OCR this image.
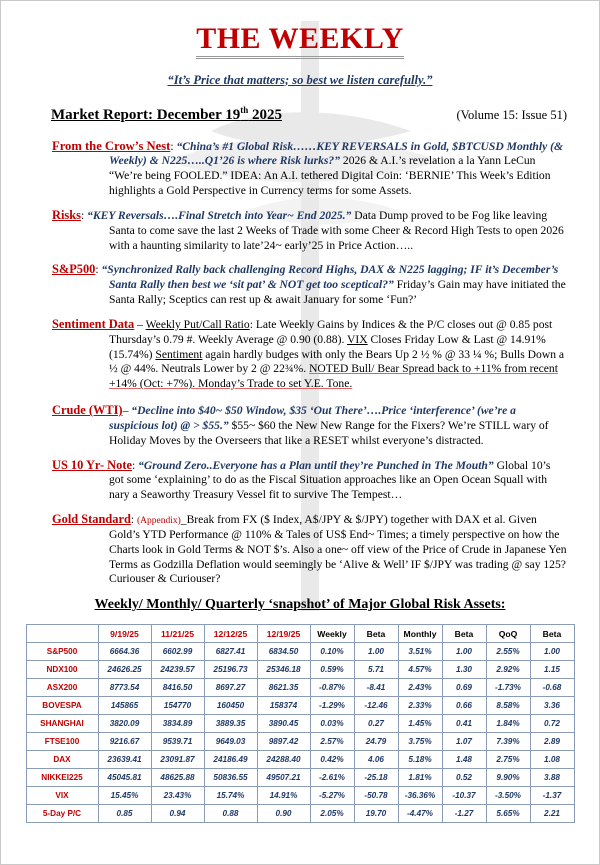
THE WEEKLY
“It’s Price that matters; so best we listen carefully.”
Market Report: December 19th 2025	(Volume 15: Issue 51)
From the Crow’s Nest: “China’s #1 Global Risk……KEY REVERSALS in Gold, $BTCUSD Monthly (& Weekly) & N225…..Q1’26 is where Risk lurks?” 2026 & A.I.’s revelation a la Yann LeCun “We’re being FOOLED.” IDEA: An A.I. tethered Digital Coin: ‘BERNIE’ This Week’s Edition highlights a Gold Perspective in Currency terms for some Assets.
Risks: “KEY Reversals….Final Stretch into Year~ End 2025.” Data Dump proved to be Fog like leaving Santa to come save the last 2 Weeks of Trade with some Cheer & Record High Tests to open 2026 with a haunting similarity to late’24~ early’25 in Price Action…..
S&P500: “Synchronized Rally back challenging Record Highs, DAX & N225 lagging; IF it’s December’s Santa Rally then best we ‘sit pat’ & NOT get too sceptical?” Friday’s Gain may have initiated the Santa Rally; Sceptics can rest up & await January for some ‘Fun?’
Sentiment Data – Weekly Put/Call Ratio: Late Weekly Gains by Indices & the P/C closes out @ 0.85 post Thursday’s 0.79 #. Weekly Average @ 0.90 (0.88). VIX Closes Friday Low & Last @ 14.91% (15.74%) Sentiment again hardly budges with only the Bears Up 2 ½ % @ 33 ¼ %; Bulls Down a ½ @ 44%. Neutrals Lower by 2 @ 22¾%. NOTED Bull/ Bear Spread back to +11% from recent +14% (Oct: +7%). Monday’s Trade to set Y.E. Tone.
Crude (WTI)– “Decline into $40~ $50 Window, $35 ‘Out There’….Price ‘interference’ (we’re a suspicious lot) @ > $55.” $55~ $60 the New New Range for the Fixers? We’re STILL wary of Holiday Moves by the Overseers that like a RESET whilst everyone’s distracted.
US 10 Yr- Note: “Ground Zero..Everyone has a Plan until they’re Punched in The Mouth” Global 10’s got some ‘explaining’ to do as the Fiscal Situation approaches like an Open Ocean Squall with nary a Seaworthy Treasury Vessel fit to survive The Tempest…
Gold Standard: (Appendix)_Break from FX ($ Index, A$/JPY & $/JPY) together with DAX et al. Given Gold’s YTD Performance @ 110% & Tales of US$ End~ Times; a timely perspective on how the Charts look in Gold Terms & NOT $’s. Also a one~ off view of the Price of Crude in Japanese Yen Terms as Godzilla Deflation would seemingly be ‘Alive & Well’ IF $/JPY was trading @ say 125? Curiouser & Curiouser?
Weekly/ Monthly/ Quarterly ‘snapshot’ of Major Global Risk Assets:
	9/19/25	11/21/25	12/12/25	12/19/25	Weekly	Beta	Monthly	Beta	QoQ	Beta
S&P500	6664.36	6602.99	6827.41	6834.50	0.10%	1.00	3.51%	1.00	2.55%	1.00
NDX100	24626.25	24239.57	25196.73	25346.18	0.59%	5.71	4.57%	1.30	2.92%	1.15
ASX200	8773.54	8416.50	8697.27	8621.35	-0.87%	-8.41	2.43%	0.69	-1.73%	-0.68
BOVESPA	145865	154770	160450	158374	-1.29%	-12.46	2.33%	0.66	8.58%	3.36
SHANGHAI	3820.09	3834.89	3889.35	3890.45	0.03%	0.27	1.45%	0.41	1.84%	0.72
FTSE100	9216.67	9539.71	9649.03	9897.42	2.57%	24.79	3.75%	1.07	7.39%	2.89
DAX	23639.41	23091.87	24186.49	24288.40	0.42%	4.06	5.18%	1.48	2.75%	1.08
NIKKEI225	45045.81	48625.88	50836.55	49507.21	-2.61%	-25.18	1.81%	0.52	9.90%	3.88
VIX	15.45%	23.43%	15.74%	14.91%	-5.27%	-50.78	-36.36%	-10.37	-3.50%	-1.37
5-Day P/C	0.85	0.94	0.88	0.90	2.05%	19.70	-4.47%	-1.27	5.65%	2.21
